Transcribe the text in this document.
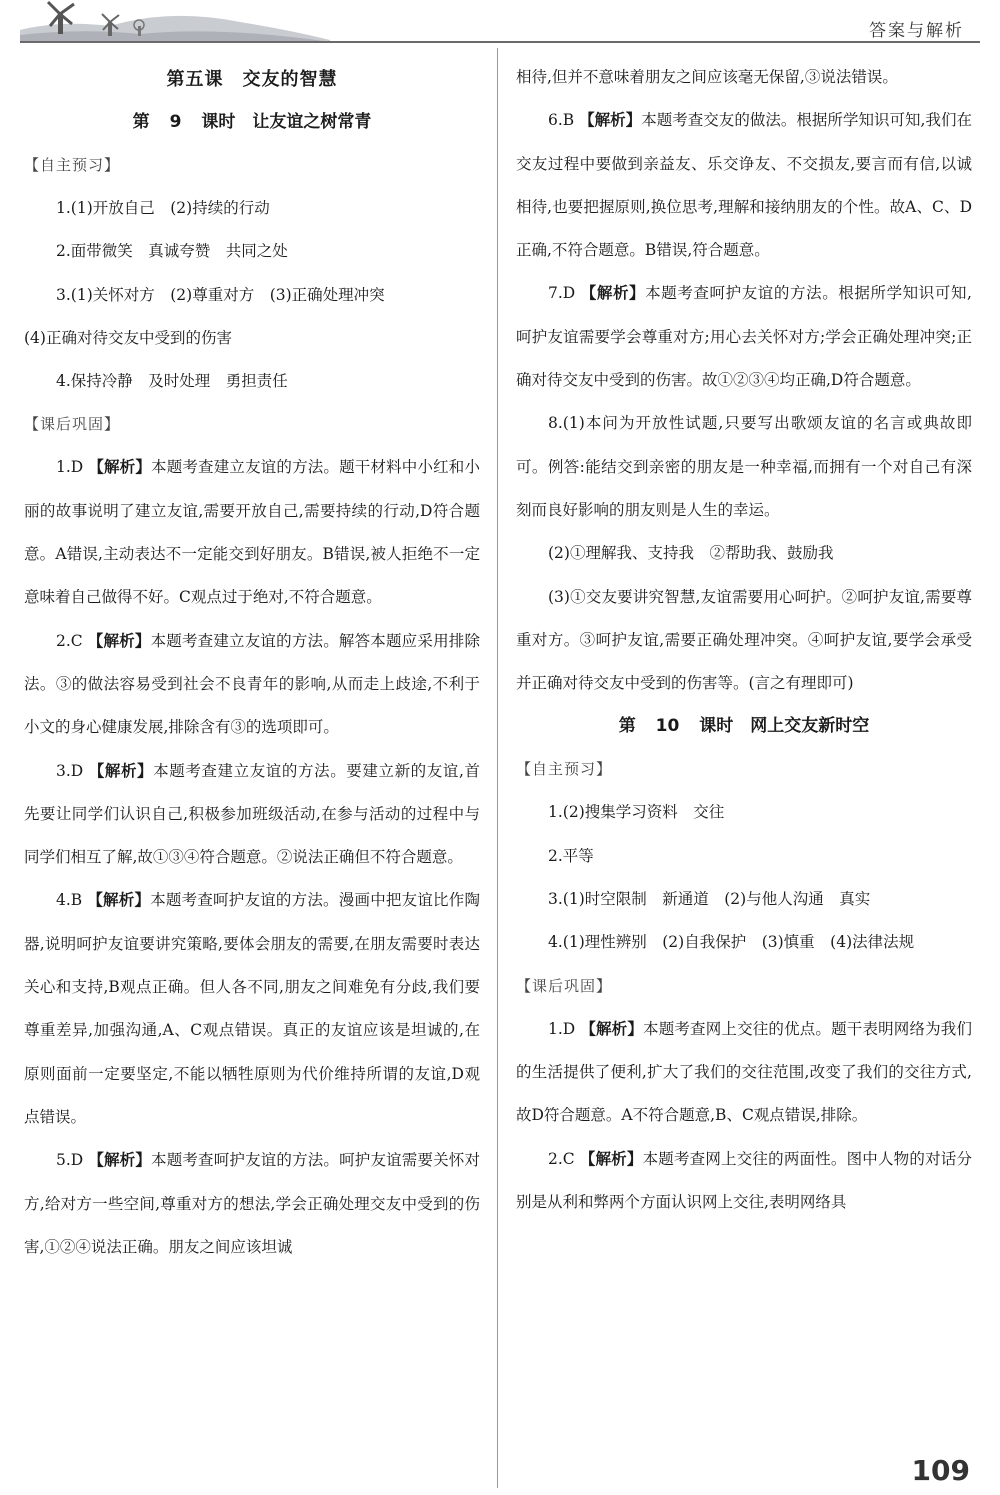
答案与解析
第五课　交友的智慧
第 9 课时　让友谊之树常青
【自主预习】

1.(1)开放自己　(2)持续的行动

2.面带微笑　真诚夸赞　共同之处

3.(1)关怀对方　(2)尊重对方　(3)正确处理冲突

(4)正确对待交友中受到的伤害

4.保持冷静　及时处理　勇担责任

【课后巩固】

1.D 【解析】本题考查建立友谊的方法。题干材料中小红和小丽的故事说明了建立友谊,需要开放自己,需要持续的行动,D符合题意。A错误,主动表达不一定能交到好朋友。B错误,被人拒绝不一定意味着自己做得不好。C观点过于绝对,不符合题意。

2.C 【解析】本题考查建立友谊的方法。解答本题应采用排除法。③的做法容易受到社会不良青年的影响,从而走上歧途,不利于小文的身心健康发展,排除含有③的选项即可。

3.D 【解析】本题考查建立友谊的方法。要建立新的友谊,首先要让同学们认识自己,积极参加班级活动,在参与活动的过程中与同学们相互了解,故①③④符合题意。②说法正确但不符合题意。

4.B 【解析】本题考查呵护友谊的方法。漫画中把友谊比作陶器,说明呵护友谊要讲究策略,要体会朋友的需要,在朋友需要时表达关心和支持,B观点正确。但人各不同,朋友之间难免有分歧,我们要尊重差异,加强沟通,A、C观点错误。真正的友谊应该是坦诚的,在原则面前一定要坚定,不能以牺牲原则为代价维持所谓的友谊,D观点错误。

5.D 【解析】本题考查呵护友谊的方法。呵护友谊需要关怀对方,给对方一些空间,尊重对方的想法,学会正确处理交友中受到的伤害,①②④说法正确。朋友之间应该坦诚

相待,但并不意味着朋友之间应该毫无保留,③说法错误。

6.B 【解析】本题考查交友的做法。根据所学知识可知,我们在交友过程中要做到亲益友、乐交诤友、不交损友,要言而有信,以诚相待,也要把握原则,换位思考,理解和接纳朋友的个性。故A、C、D正确,不符合题意。B错误,符合题意。

7.D 【解析】本题考查呵护友谊的方法。根据所学知识可知,呵护友谊需要学会尊重对方;用心去关怀对方;学会正确处理冲突;正确对待交友中受到的伤害。故①②③④均正确,D符合题意。

8.(1)本问为开放性试题,只要写出歌颂友谊的名言或典故即可。例答:能结交到亲密的朋友是一种幸福,而拥有一个对自己有深刻而良好影响的朋友则是人生的幸运。

(2)①理解我、支持我　②帮助我、鼓励我

(3)①交友要讲究智慧,友谊需要用心呵护。②呵护友谊,需要尊重对方。③呵护友谊,需要正确处理冲突。④呵护友谊,要学会承受并正确对待交友中受到的伤害等。(言之有理即可)

第 10 课时　网上交友新时空
【自主预习】

1.(2)搜集学习资料　交往

2.平等

3.(1)时空限制　新通道　(2)与他人沟通　真实

4.(1)理性辨别　(2)自我保护　(3)慎重　(4)法律法规

【课后巩固】

1.D 【解析】本题考查网上交往的优点。题干表明网络为我们的生活提供了便利,扩大了我们的交往范围,改变了我们的交往方式,故D符合题意。A不符合题意,B、C观点错误,排除。

2.C 【解析】本题考查网上交往的两面性。图中人物的对话分别是从利和弊两个方面认识网上交往,表明网络具

109
